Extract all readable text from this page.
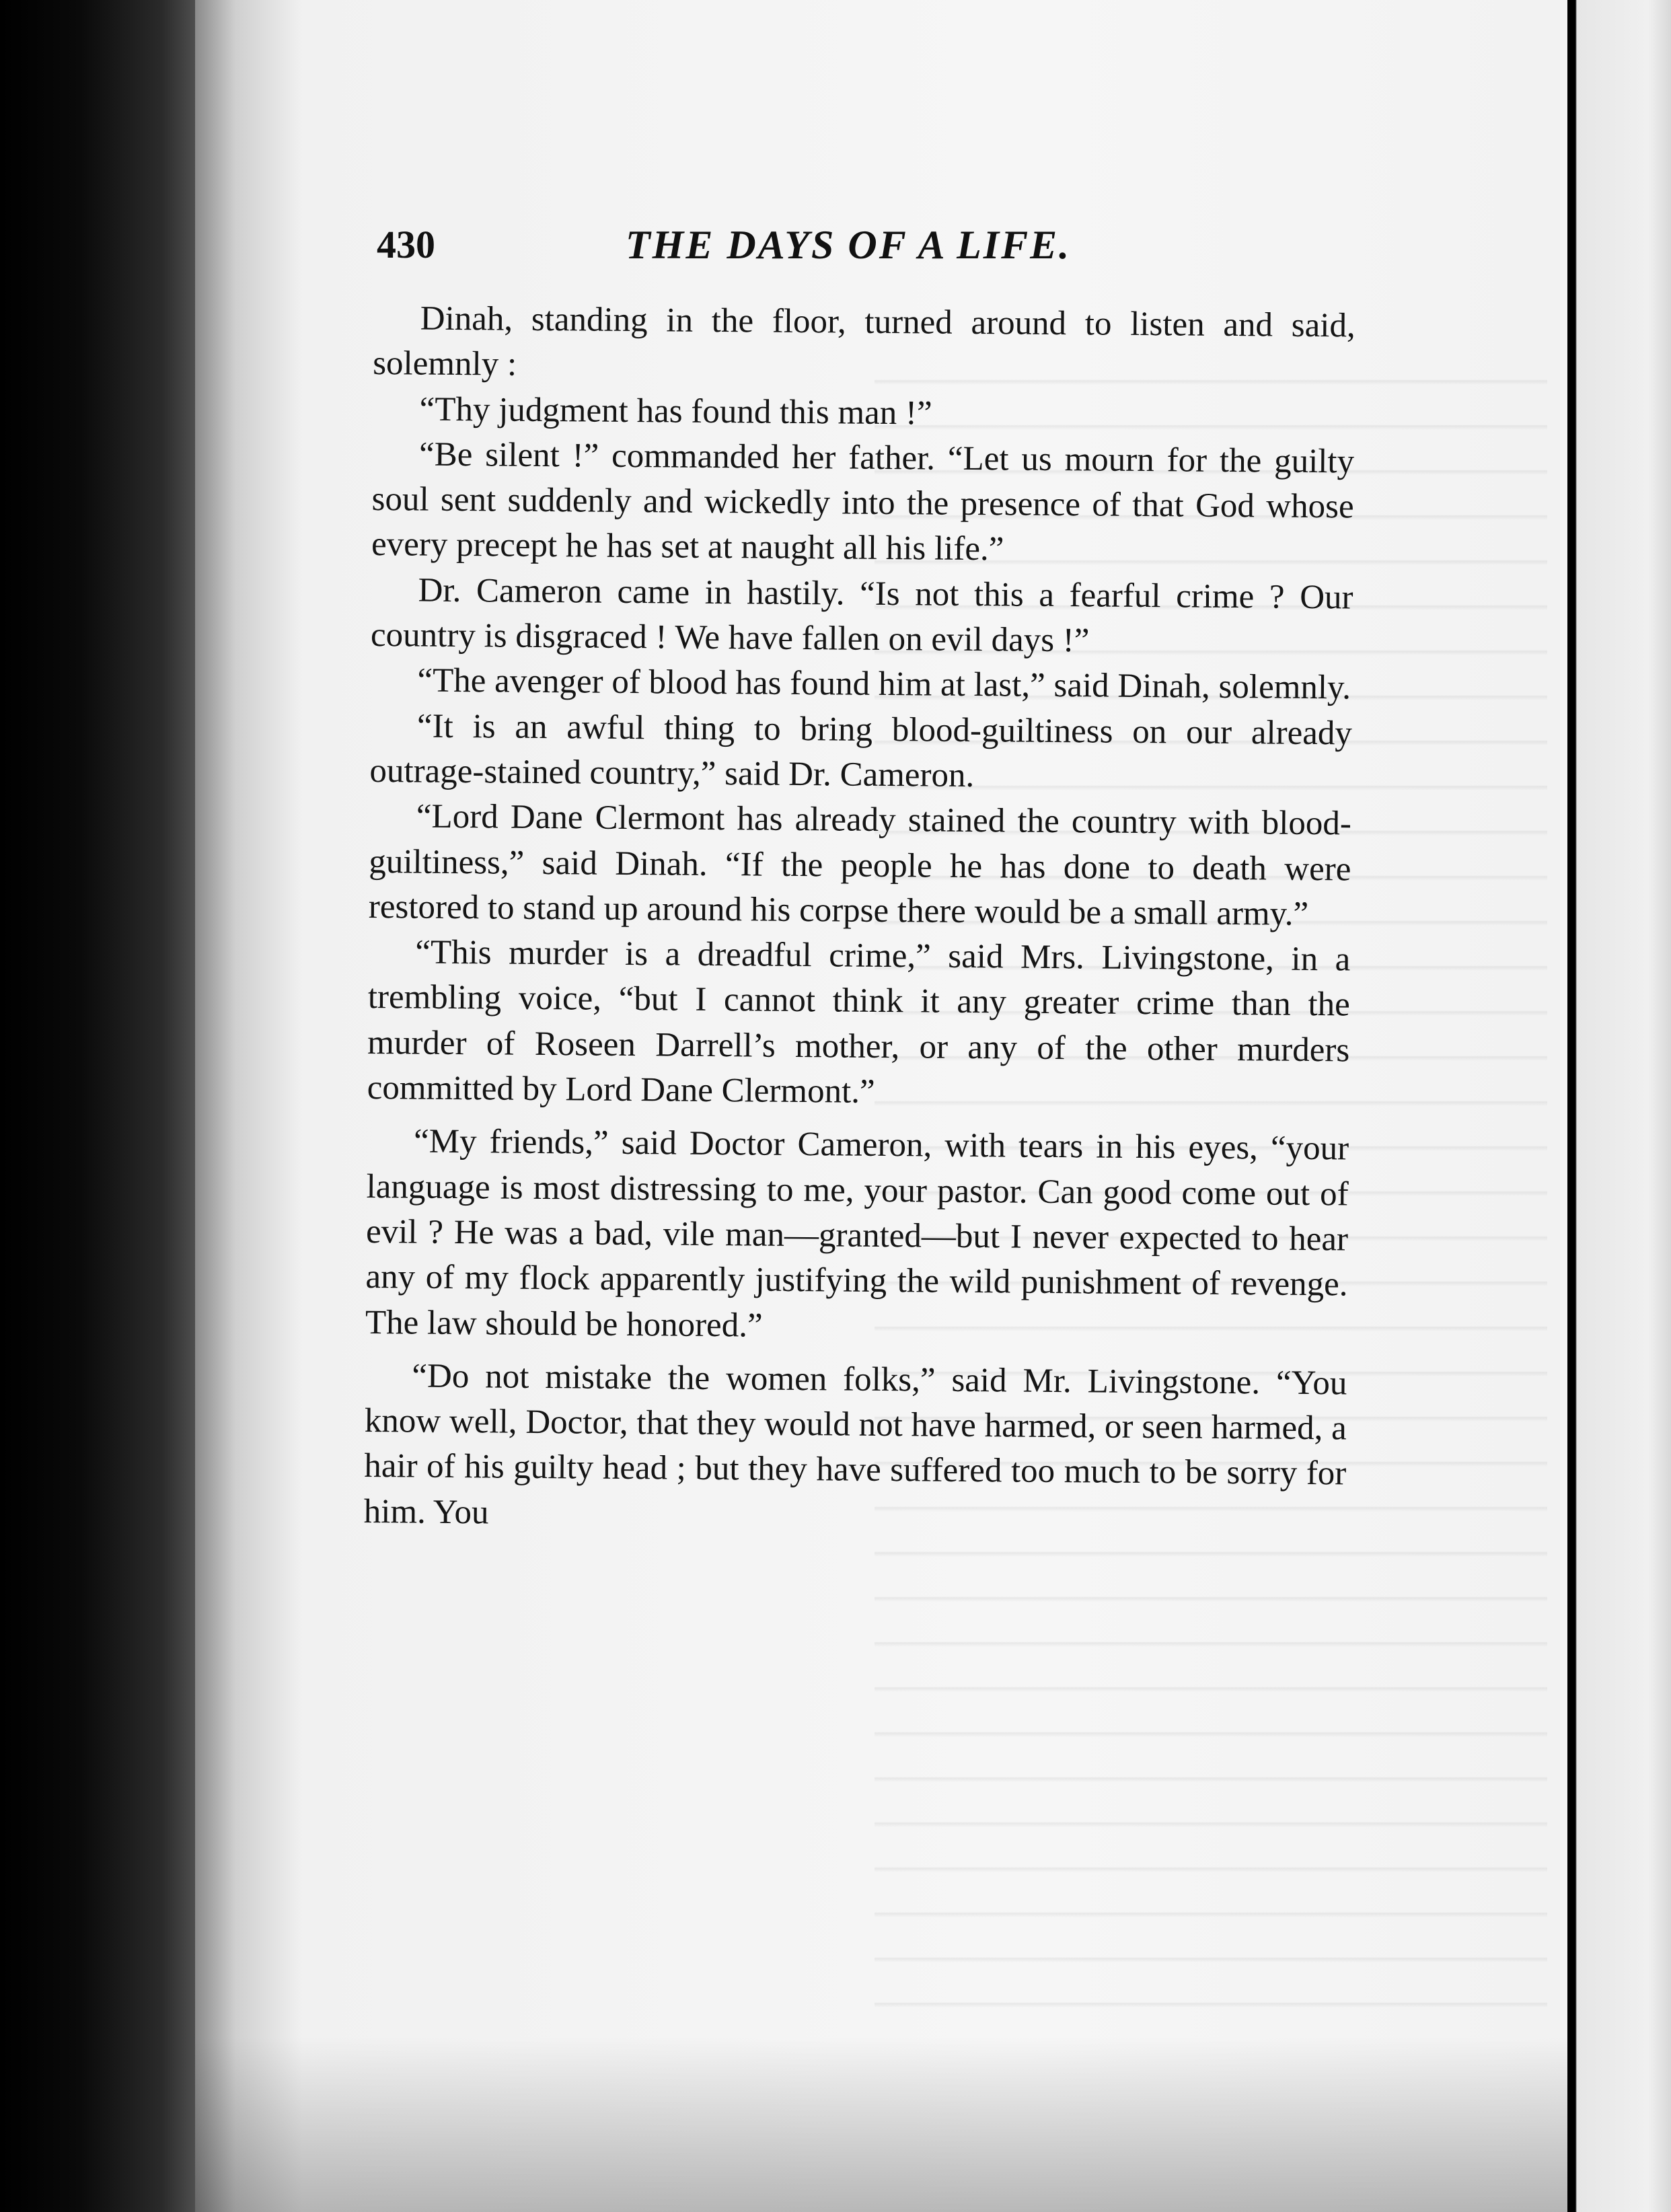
430	THE DAYS OF A LIFE.

Dinah, standing in the floor, turned around to listen and said, solemnly :

“Thy judgment has found this man !”

“Be silent !” commanded her father. “Let us mourn for the guilty soul sent suddenly and wickedly into the presence of that God whose every precept he has set at naught all his life.”

Dr. Cameron came in hastily. “Is not this a fearful crime ? Our country is disgraced ! We have fallen on evil days !”

“The avenger of blood has found him at last,” said Dinah, solemnly.

“It is an awful thing to bring blood-guiltiness on our already outrage-stained country,” said Dr. Cameron.

“Lord Dane Clermont has already stained the country with blood-guiltiness,” said Dinah. “If the people he has done to death were restored to stand up around his corpse there would be a small army.”

“This murder is a dreadful crime,” said Mrs. Livingstone, in a trembling voice, “but I cannot think it any greater crime than the murder of Roseen Darrell’s mother, or any of the other murders committed by Lord Dane Clermont.”

“My friends,” said Doctor Cameron, with tears in his eyes, “your language is most distressing to me, your pastor. Can good come out of evil ? He was a bad, vile man—granted—but I never expected to hear any of my flock apparently justifying the wild punishment of revenge. The law should be honored.”

“Do not mistake the women folks,” said Mr. Livingstone. “You know well, Doctor, that they would not have harmed, or seen harmed, a hair of his guilty head ; but they have suffered too much to be sorry for him. You
